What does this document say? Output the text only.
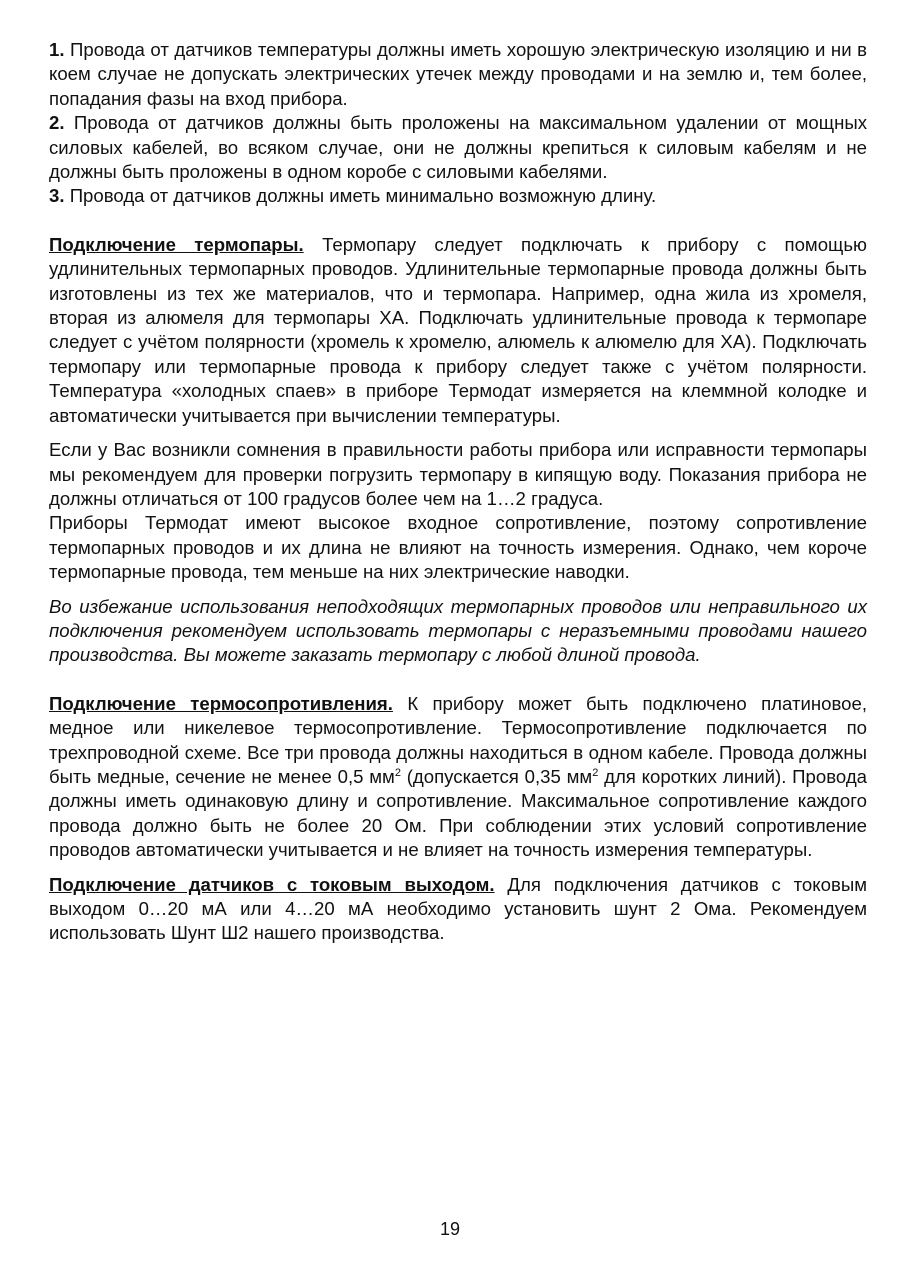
1. Провода от датчиков температуры должны иметь хорошую электрическую изоляцию и ни в коем случае не допускать электрических утечек между проводами и на землю и, тем более, попадания фазы на вход прибора.

2. Провода от датчиков должны быть проложены на максимальном удалении от мощных силовых кабелей, во всяком случае, они не должны крепиться к силовым кабелям и не должны быть проложены в одном коробе с силовыми кабелями.

3. Провода от датчиков должны иметь минимально возможную длину.

Подключение термопары. Термопару следует подключать к прибору с помощью удлинительных термопарных проводов. Удлинительные термопарные провода должны быть изготовлены из тех же материалов, что и термопара. Например, одна жила из хромеля, вторая из алюмеля для термопары ХА. Подключать удлинительные провода к термопаре следует с учётом полярности (хромель к хромелю, алюмель к алюмелю для ХА). Подключать термопару или термопарные провода к прибору следует также с учётом полярности. Температура «холодных спаев» в приборе Термодат измеряется на клеммной колодке и автоматически учитывается при вычислении температуры.

Если у Вас возникли сомнения в правильности работы прибора или исправности термопары мы рекомендуем для проверки погрузить термопару в кипящую воду. Показания прибора не должны отличаться от 100 градусов более чем на 1…2 градуса.

Приборы Термодат имеют высокое входное сопротивление, поэтому сопротивление термопарных проводов и их длина не влияют на точность измерения. Однако, чем короче термопарные провода, тем меньше на них электрические наводки.

Во избежание использования неподходящих термопарных проводов или неправильного их подключения рекомендуем использовать термопары с неразъемными проводами нашего производства. Вы можете заказать термопару с любой длиной провода.

Подключение термосопротивления. К прибору может быть подключено платиновое, медное или никелевое термосопротивление. Термосопротивление подключается по трехпроводной схеме. Все три провода должны находиться в одном кабеле. Провода должны быть медные, сечение не менее 0,5 $мм^2$ (допускается 0,35 $мм^2$ для коротких линий). Провода должны иметь одинаковую длину и сопротивление. Максимальное сопротивление каждого провода должно быть не более 20 Ом. При соблюдении этих условий сопротивление проводов автоматически учитывается и не влияет на точность измерения температуры.

Подключение датчиков с токовым выходом. Для подключения датчиков с токовым выходом 0…20 мА или 4…20 мА необходимо установить шунт 2 Ома. Рекомендуем использовать Шунт Ш2 нашего производства.

19
